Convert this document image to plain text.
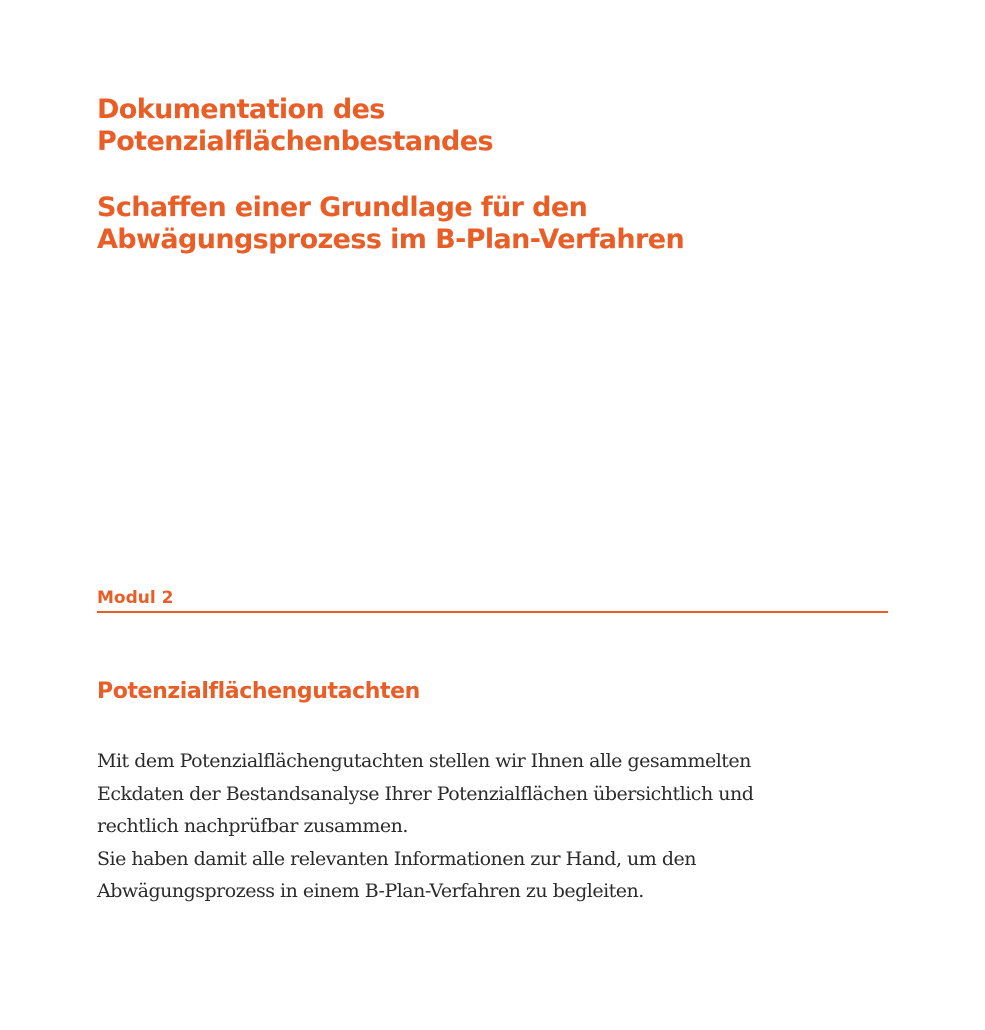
Dokumentation des
Potenzialflächenbestandes
Schaffen einer Grundlage für den
Abwägungsprozess im B-Plan-Verfahren
Modul 2
Potenzialflächengutachten

Mit dem Potenzialflächengutachten stellen wir Ihnen alle gesammelten
Eckdaten der Bestandsanalyse Ihrer Potenzialflächen übersichtlich und
rechtlich nachprüfbar zusammen.
Sie haben damit alle relevanten Informationen zur Hand, um den
Abwägungsprozess in einem B-Plan-Verfahren zu begleiten.
